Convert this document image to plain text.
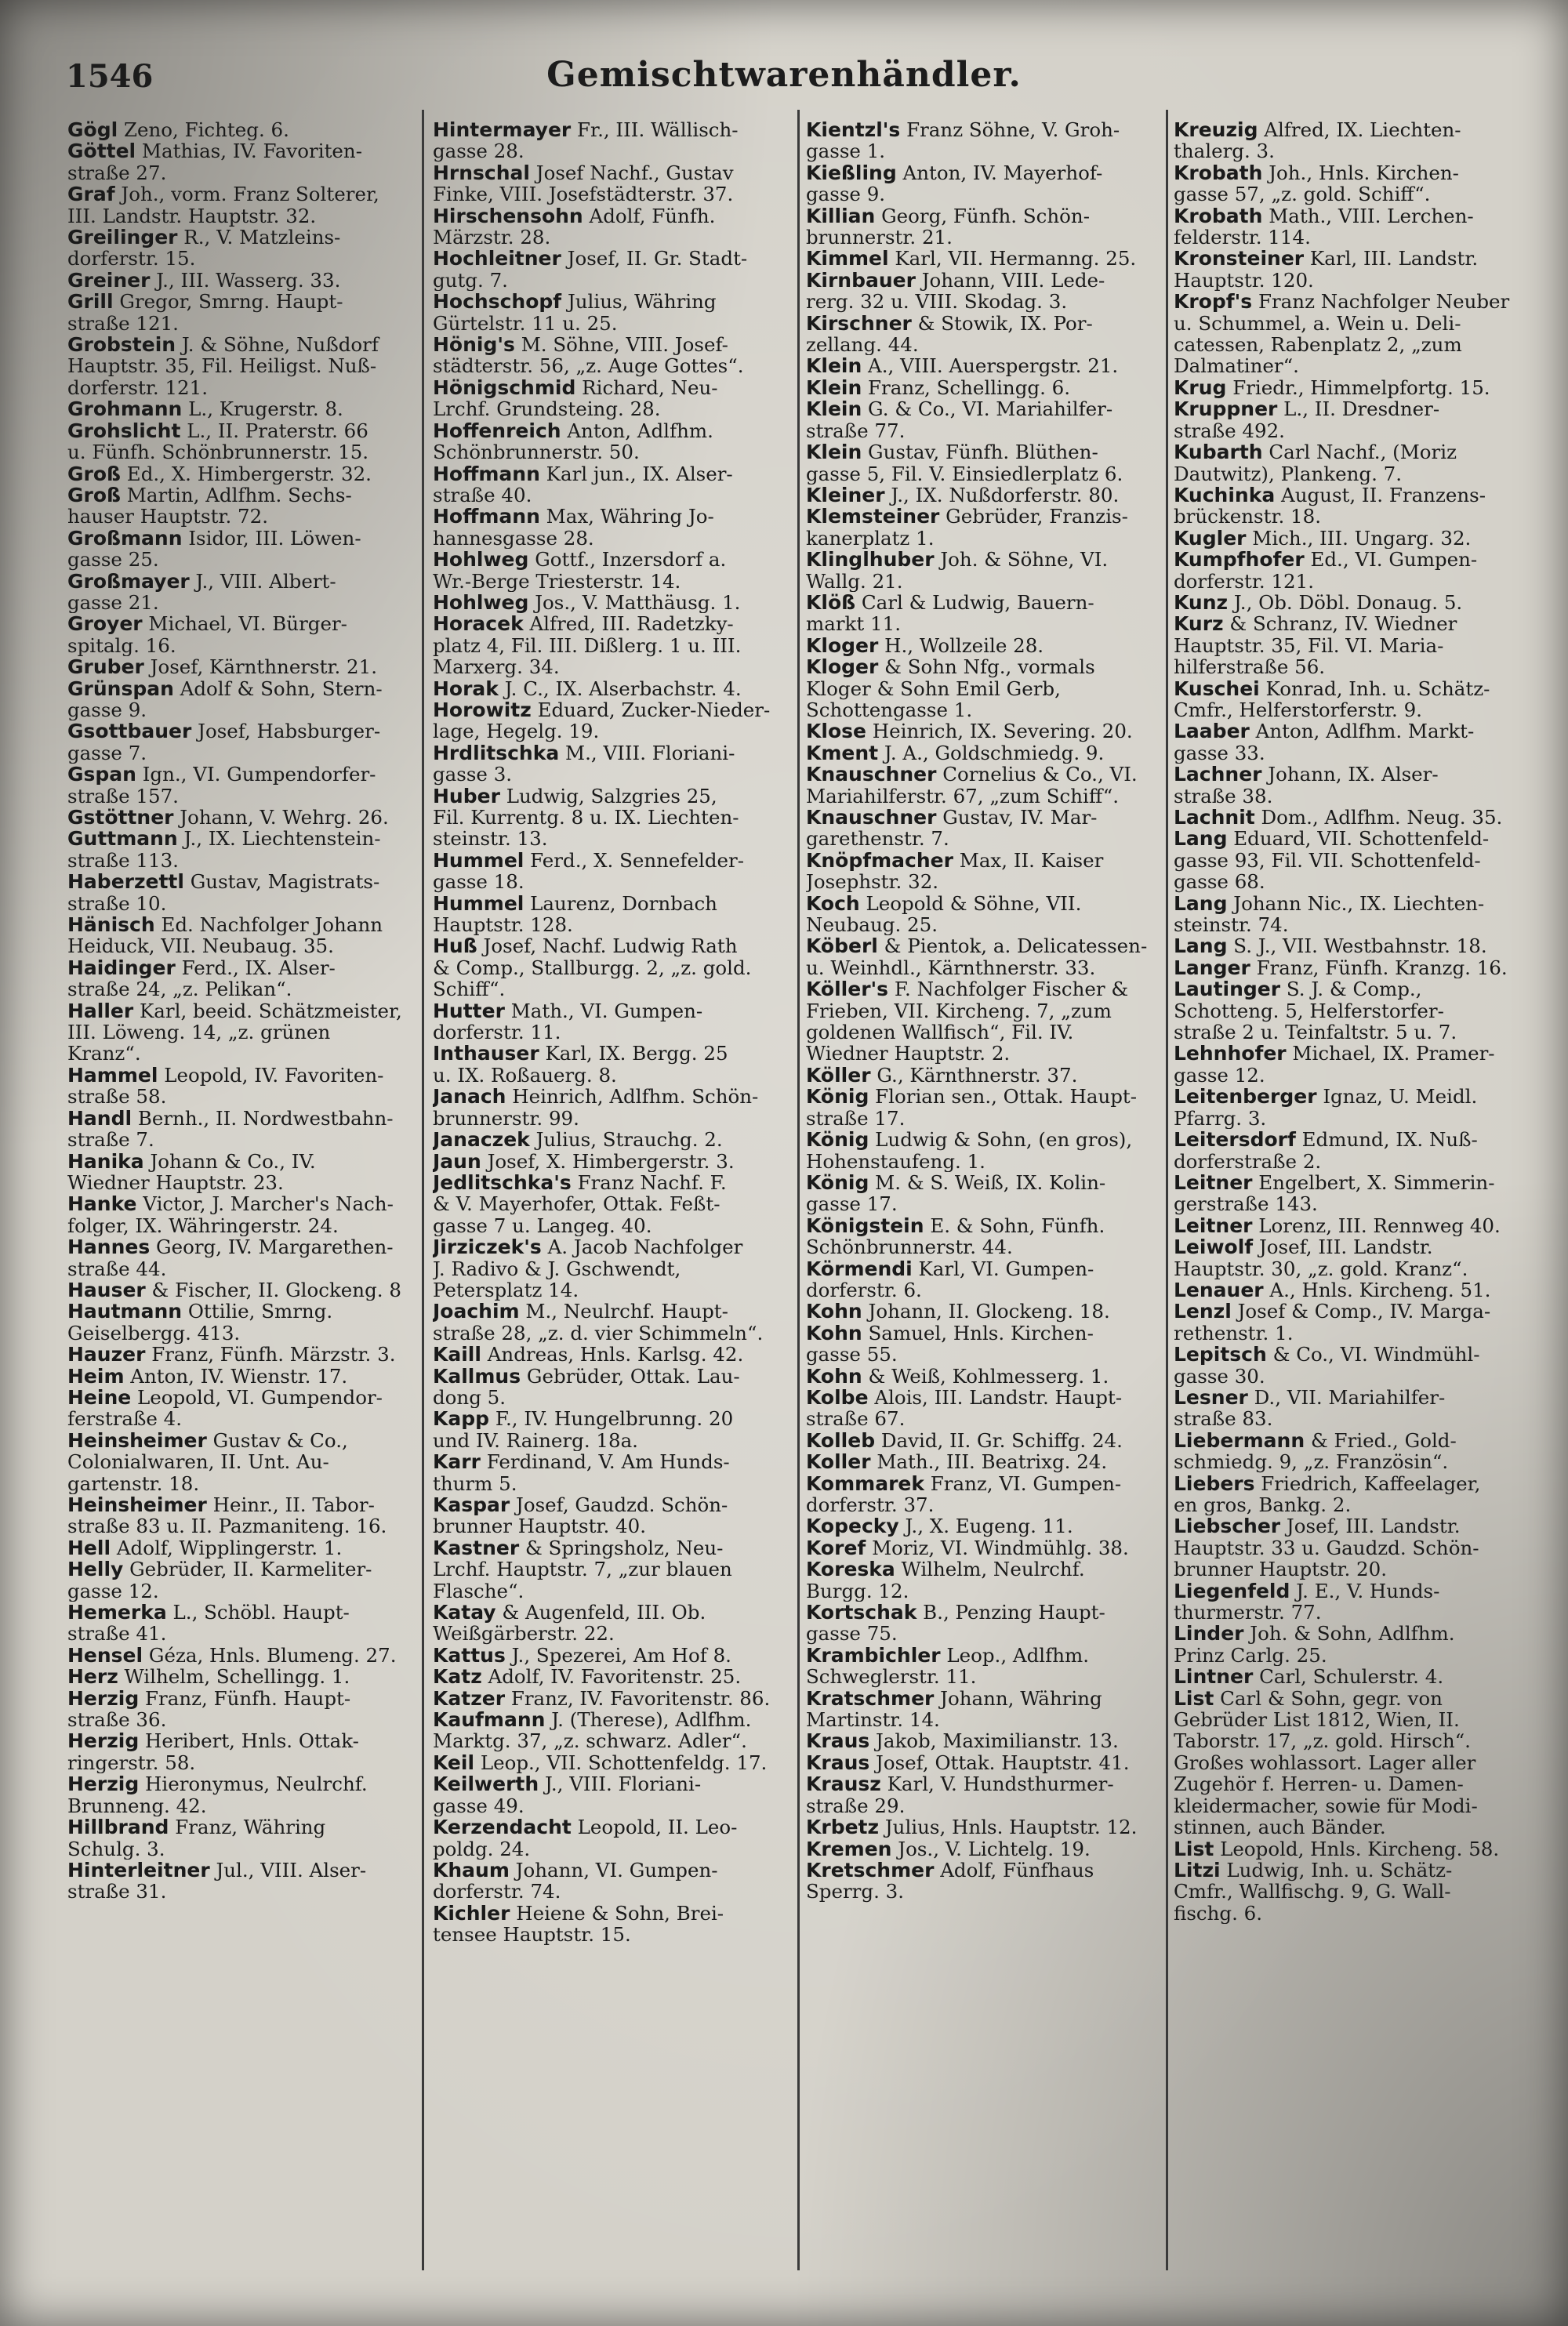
1546	Gemischtwarenhändler.

Gögl Zeno, Fichteg. 6.

Göttel Mathias, IV. Favoriten-
straße 27.

Graf Joh., vorm. Franz Solterer,
III. Landstr. Hauptstr. 32.

Greilinger R., V. Matzleins-
dorferstr. 15.

Greiner J., III. Wasserg. 33.

Grill Gregor, Smrng. Haupt-
straße 121.

Grobstein J. & Söhne, Nußdorf
Hauptstr. 35, Fil. Heiligst. Nuß-
dorferstr. 121.

Grohmann L., Krugerstr. 8.

Grohslicht L., II. Praterstr. 66
u. Fünfh. Schönbrunnerstr. 15.

Groß Ed., X. Himbergerstr. 32.

Groß Martin, Adlfhm. Sechs-
hauser Hauptstr. 72.

Großmann Isidor, III. Löwen-
gasse 25.

Großmayer J., VIII. Albert-
gasse 21.

Groyer Michael, VI. Bürger-
spitalg. 16.

Gruber Josef, Kärnthnerstr. 21.

Grünspan Adolf & Sohn, Stern-
gasse 9.

Gsottbauer Josef, Habsburger-
gasse 7.

Gspan Ign., VI. Gumpendorfer-
straße 157.

Gstöttner Johann, V. Wehrg. 26.

Guttmann J., IX. Liechtenstein-
straße 113.

Haberzettl Gustav, Magistrats-
straße 10.

Hänisch Ed. Nachfolger Johann
Heiduck, VII. Neubaug. 35.

Haidinger Ferd., IX. Alser-
straße 24, „z. Pelikan“.

Haller Karl, beeid. Schätzmeister,
III. Löweng. 14, „z. grünen
Kranz“.

Hammel Leopold, IV. Favoriten-
straße 58.

Handl Bernh., II. Nordwestbahn-
straße 7.

Hanika Johann & Co., IV.
Wiedner Hauptstr. 23.

Hanke Victor, J. Marcher's Nach-
folger, IX. Währingerstr. 24.

Hannes Georg, IV. Margarethen-
straße 44.

Hauser & Fischer, II. Glockeng. 8

Hautmann Ottilie, Smrng.
Geiselbergg. 413.

Hauzer Franz, Fünfh. Märzstr. 3.

Heim Anton, IV. Wienstr. 17.

Heine Leopold, VI. Gumpendor-
ferstraße 4.

Heinsheimer Gustav & Co.,
Colonialwaren, II. Unt. Au-
gartenstr. 18.

Heinsheimer Heinr., II. Tabor-
straße 83 u. II. Pazmaniteng. 16.

Hell Adolf, Wipplingerstr. 1.

Helly Gebrüder, II. Karmeliter-
gasse 12.

Hemerka L., Schöbl. Haupt-
straße 41.

Hensel Géza, Hnls. Blumeng. 27.

Herz Wilhelm, Schellingg. 1.

Herzig Franz, Fünfh. Haupt-
straße 36.

Herzig Heribert, Hnls. Ottak-
ringerstr. 58.

Herzig Hieronymus, Neulrchf.
Brunneng. 42.

Hillbrand Franz, Währing
Schulg. 3.

Hinterleitner Jul., VIII. Alser-
straße 31.

Hintermayer Fr., III. Wällisch-
gasse 28.

Hrnschal Josef Nachf., Gustav
Finke, VIII. Josefstädterstr. 37.

Hirschensohn Adolf, Fünfh.
Märzstr. 28.

Hochleitner Josef, II. Gr. Stadt-
gutg. 7.

Hochschopf Julius, Währing
Gürtelstr. 11 u. 25.

Hönig's M. Söhne, VIII. Josef-
städterstr. 56, „z. Auge Gottes“.

Hönigschmid Richard, Neu-
Lrchf. Grundsteing. 28.

Hoffenreich Anton, Adlfhm.
Schönbrunnerstr. 50.

Hoffmann Karl jun., IX. Alser-
straße 40.

Hoffmann Max, Währing Jo-
hannesgasse 28.

Hohlweg Gottf., Inzersdorf a.
Wr.-Berge Triesterstr. 14.

Hohlweg Jos., V. Matthäusg. 1.

Horacek Alfred, III. Radetzky-
platz 4, Fil. III. Dißlerg. 1 u. III.
Marxerg. 34.

Horak J. C., IX. Alserbachstr. 4.

Horowitz Eduard, Zucker-Nieder-
lage, Hegelg. 19.

Hrdlitschka M., VIII. Floriani-
gasse 3.

Huber Ludwig, Salzgries 25,
Fil. Kurrentg. 8 u. IX. Liechten-
steinstr. 13.

Hummel Ferd., X. Sennefelder-
gasse 18.

Hummel Laurenz, Dornbach
Hauptstr. 128.

Huß Josef, Nachf. Ludwig Rath
& Comp., Stallburgg. 2, „z. gold.
Schiff“.

Hutter Math., VI. Gumpen-
dorferstr. 11.

Inthauser Karl, IX. Bergg. 25
u. IX. Roßauerg. 8.

Janach Heinrich, Adlfhm. Schön-
brunnerstr. 99.

Janaczek Julius, Strauchg. 2.

Jaun Josef, X. Himbergerstr. 3.

Jedlitschka's Franz Nachf. F.
& V. Mayerhofer, Ottak. Feßt-
gasse 7 u. Langeg. 40.

Jirziczek's A. Jacob Nachfolger
J. Radivo & J. Gschwendt,
Petersplatz 14.

Joachim M., Neulrchf. Haupt-
straße 28, „z. d. vier Schimmeln“.

Kaill Andreas, Hnls. Karlsg. 42.

Kallmus Gebrüder, Ottak. Lau-
dong 5.

Kapp F., IV. Hungelbrunng. 20
und IV. Rainerg. 18a.

Karr Ferdinand, V. Am Hunds-
thurm 5.

Kaspar Josef, Gaudzd. Schön-
brunner Hauptstr. 40.

Kastner & Springsholz, Neu-
Lrchf. Hauptstr. 7, „zur blauen
Flasche“.

Katay & Augenfeld, III. Ob.
Weißgärberstr. 22.

Kattus J., Spezerei, Am Hof 8.

Katz Adolf, IV. Favoritenstr. 25.

Katzer Franz, IV. Favoritenstr. 86.

Kaufmann J. (Therese), Adlfhm.
Marktg. 37, „z. schwarz. Adler“.

Keil Leop., VII. Schottenfeldg. 17.

Keilwerth J., VIII. Floriani-
gasse 49.

Kerzendacht Leopold, II. Leo-
poldg. 24.

Khaum Johann, VI. Gumpen-
dorferstr. 74.

Kichler Heiene & Sohn, Brei-
tensee Hauptstr. 15.

Kientzl's Franz Söhne, V. Groh-
gasse 1.

Kießling Anton, IV. Mayerhof-
gasse 9.

Killian Georg, Fünfh. Schön-
brunnerstr. 21.

Kimmel Karl, VII. Hermanng. 25.

Kirnbauer Johann, VIII. Lede-
rerg. 32 u. VIII. Skodag. 3.

Kirschner & Stowik, IX. Por-
zellang. 44.

Klein A., VIII. Auerspergstr. 21.

Klein Franz, Schellingg. 6.

Klein G. & Co., VI. Mariahilfer-
straße 77.

Klein Gustav, Fünfh. Blüthen-
gasse 5, Fil. V. Einsiedlerplatz 6.

Kleiner J., IX. Nußdorferstr. 80.

Klemsteiner Gebrüder, Franzis-
kanerplatz 1.

Klinglhuber Joh. & Söhne, VI.
Wallg. 21.

Klöß Carl & Ludwig, Bauern-
markt 11.

Kloger H., Wollzeile 28.

Kloger & Sohn Nfg., vormals
Kloger & Sohn Emil Gerb,
Schottengasse 1.

Klose Heinrich, IX. Severing. 20.

Kment J. A., Goldschmiedg. 9.

Knauschner Cornelius & Co., VI.
Mariahilferstr. 67, „zum Schiff“.

Knauschner Gustav, IV. Mar-
garethenstr. 7.

Knöpfmacher Max, II. Kaiser
Josephstr. 32.

Koch Leopold & Söhne, VII.
Neubaug. 25.

Köberl & Pientok, a. Delicatessen-
u. Weinhdl., Kärnthnerstr. 33.

Köller's F. Nachfolger Fischer &
Frieben, VII. Kircheng. 7, „zum
goldenen Wallfisch“, Fil. IV.
Wiedner Hauptstr. 2.

Köller G., Kärnthnerstr. 37.

König Florian sen., Ottak. Haupt-
straße 17.

König Ludwig & Sohn, (en gros),
Hohenstaufeng. 1.

König M. & S. Weiß, IX. Kolin-
gasse 17.

Königstein E. & Sohn, Fünfh.
Schönbrunnerstr. 44.

Körmendi Karl, VI. Gumpen-
dorferstr. 6.

Kohn Johann, II. Glockeng. 18.

Kohn Samuel, Hnls. Kirchen-
gasse 55.

Kohn & Weiß, Kohlmesserg. 1.

Kolbe Alois, III. Landstr. Haupt-
straße 67.

Kolleb David, II. Gr. Schiffg. 24.

Koller Math., III. Beatrixg. 24.

Kommarek Franz, VI. Gumpen-
dorferstr. 37.

Kopecky J., X. Eugeng. 11.

Koref Moriz, VI. Windmühlg. 38.

Koreska Wilhelm, Neulrchf.
Burgg. 12.

Kortschak B., Penzing Haupt-
gasse 75.

Krambichler Leop., Adlfhm.
Schweglerstr. 11.

Kratschmer Johann, Währing
Martinstr. 14.

Kraus Jakob, Maximilianstr. 13.

Kraus Josef, Ottak. Hauptstr. 41.

Krausz Karl, V. Hundsthurmer-
straße 29.

Krbetz Julius, Hnls. Hauptstr. 12.

Kremen Jos., V. Lichtelg. 19.

Kretschmer Adolf, Fünfhaus
Sperrg. 3.

Kreuzig Alfred, IX. Liechten-
thalerg. 3.

Krobath Joh., Hnls. Kirchen-
gasse 57, „z. gold. Schiff“.

Krobath Math., VIII. Lerchen-
felderstr. 114.

Kronsteiner Karl, III. Landstr.
Hauptstr. 120.

Kropf's Franz Nachfolger Neuber
u. Schummel, a. Wein u. Deli-
catessen, Rabenplatz 2, „zum
Dalmatiner“.

Krug Friedr., Himmelpfortg. 15.

Kruppner L., II. Dresdner-
straße 492.

Kubarth Carl Nachf., (Moriz
Dautwitz), Plankeng. 7.

Kuchinka August, II. Franzens-
brückenstr. 18.

Kugler Mich., III. Ungarg. 32.

Kumpfhofer Ed., VI. Gumpen-
dorferstr. 121.

Kunz J., Ob. Döbl. Donaug. 5.

Kurz & Schranz, IV. Wiedner
Hauptstr. 35, Fil. VI. Maria-
hilferstraße 56.

Kuschei Konrad, Inh. u. Schätz-
Cmfr., Helferstorferstr. 9.

Laaber Anton, Adlfhm. Markt-
gasse 33.

Lachner Johann, IX. Alser-
straße 38.

Lachnit Dom., Adlfhm. Neug. 35.

Lang Eduard, VII. Schottenfeld-
gasse 93, Fil. VII. Schottenfeld-
gasse 68.

Lang Johann Nic., IX. Liechten-
steinstr. 74.

Lang S. J., VII. Westbahnstr. 18.

Langer Franz, Fünfh. Kranzg. 16.

Lautinger S. J. & Comp.,
Schotteng. 5, Helferstorfer-
straße 2 u. Teinfaltstr. 5 u. 7.

Lehnhofer Michael, IX. Pramer-
gasse 12.

Leitenberger Ignaz, U. Meidl.
Pfarrg. 3.

Leitersdorf Edmund, IX. Nuß-
dorferstraße 2.

Leitner Engelbert, X. Simmerin-
gerstraße 143.

Leitner Lorenz, III. Rennweg 40.

Leiwolf Josef, III. Landstr.
Hauptstr. 30, „z. gold. Kranz“.

Lenauer A., Hnls. Kircheng. 51.

Lenzl Josef & Comp., IV. Marga-
rethenstr. 1.

Lepitsch & Co., VI. Windmühl-
gasse 30.

Lesner D., VII. Mariahilfer-
straße 83.

Liebermann & Fried., Gold-
schmiedg. 9, „z. Französin“.

Liebers Friedrich, Kaffeelager,
en gros, Bankg. 2.

Liebscher Josef, III. Landstr.
Hauptstr. 33 u. Gaudzd. Schön-
brunner Hauptstr. 20.

Liegenfeld J. E., V. Hunds-
thurmerstr. 77.

Linder Joh. & Sohn, Adlfhm.
Prinz Carlg. 25.

Lintner Carl, Schulerstr. 4.

List Carl & Sohn, gegr. von
Gebrüder List 1812, Wien, II.
Taborstr. 17, „z. gold. Hirsch“.
Großes wohlassort. Lager aller
Zugehör f. Herren- u. Damen-
kleidermacher, sowie für Modi-
stinnen, auch Bänder.

List Leopold, Hnls. Kircheng. 58.

Litzi Ludwig, Inh. u. Schätz-
Cmfr., Wallfischg. 9, G. Wall-
fischg. 6.
